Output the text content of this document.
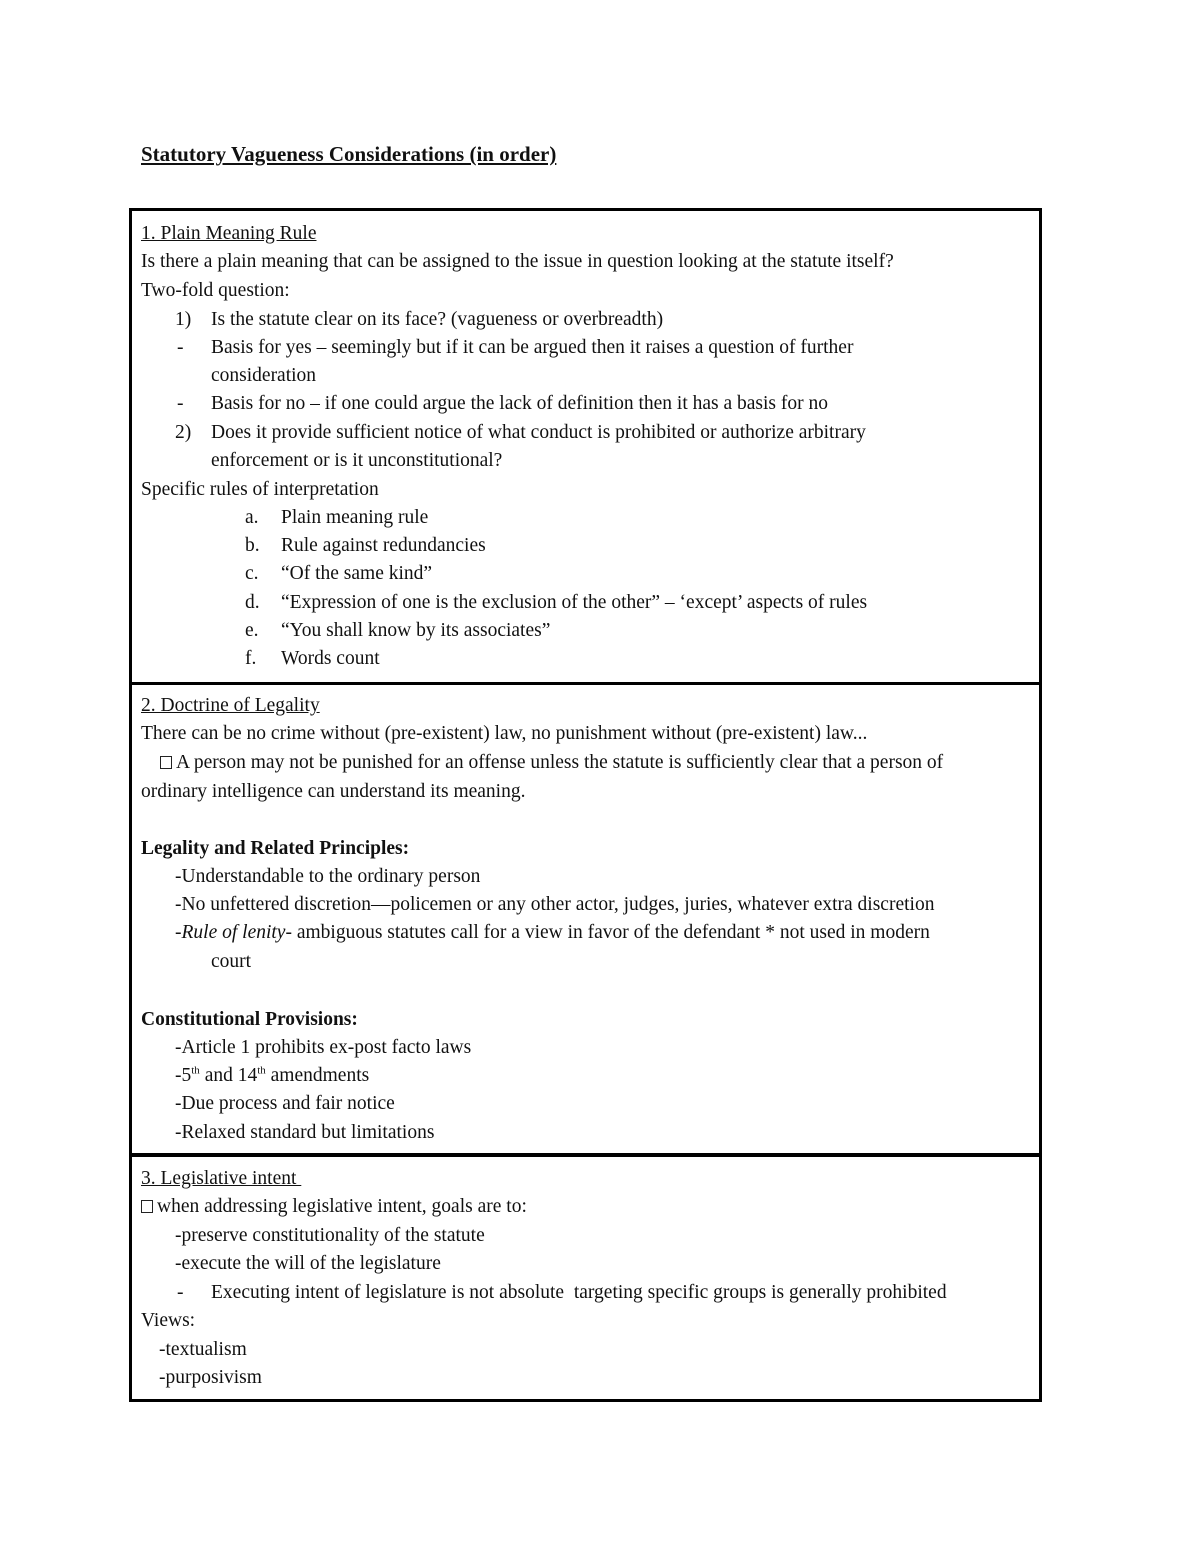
Statutory Vagueness Considerations (in order)
1. Plain Meaning Rule
Is there a plain meaning that can be assigned to the issue in question looking at the statute itself?
Two-fold question:
1) Is the statute clear on its face? (vagueness or overbreadth)
- Basis for yes – seemingly but if it can be argued then it raises a question of further
consideration
- Basis for no – if one could argue the lack of definition then it has a basis for no
2) Does it provide sufficient notice of what conduct is prohibited or authorize arbitrary
enforcement or is it unconstitutional?
Specific rules of interpretation
a. Plain meaning rule
b. Rule against redundancies
c. “Of the same kind”
d. “Expression of one is the exclusion of the other” – ‘except’ aspects of rules
e. “You shall know by its associates”
f. Words count
2. Doctrine of Legality
There can be no crime without (pre-existent) law, no punishment without (pre-existent) law...
A person may not be punished for an offense unless the statute is sufficiently clear that a person of
ordinary intelligence can understand its meaning.
Legality and Related Principles:
-Understandable to the ordinary person
-No unfettered discretion—policemen or any other actor, judges, juries, whatever extra discretion
-Rule of lenity- ambiguous statutes call for a view in favor of the defendant * not used in modern
court
Constitutional Provisions:
-Article 1 prohibits ex-post facto laws
-5th and 14th amendments
-Due process and fair notice
-Relaxed standard but limitations
3. Legislative intent
when addressing legislative intent, goals are to:
-preserve constitutionality of the statute
-execute the will of the legislature
- Executing intent of legislature is not absolute  targeting specific groups is generally prohibited
Views:
-textualism
-purposivism
